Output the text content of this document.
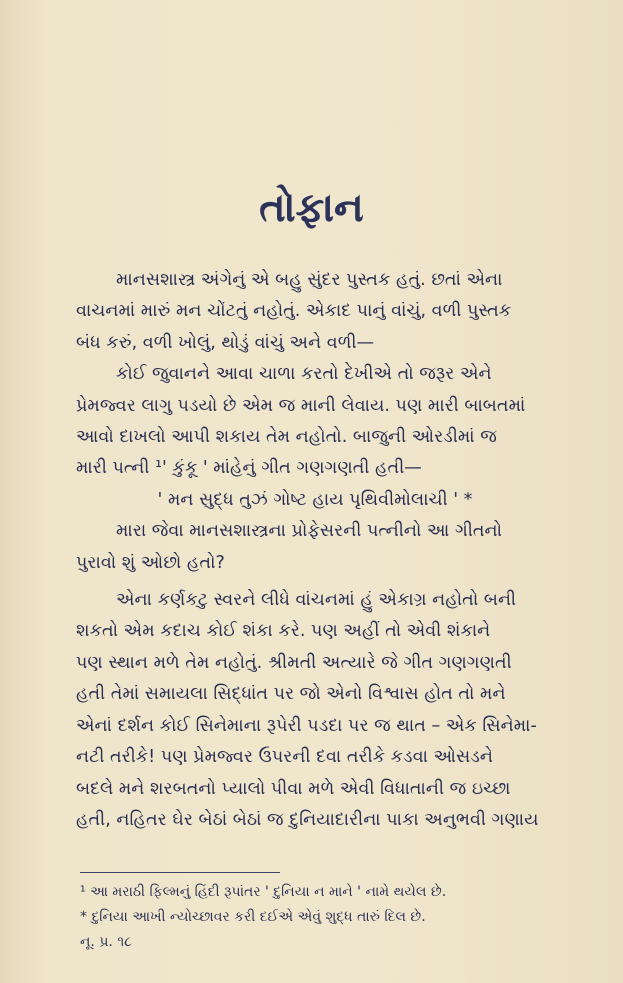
તોફાન
માનસશાસ્ત્ર અંગેનું એ બહુ સુંદર પુસ્તક હતું. છતાં એના
વાચનમાં મારું મન ચોંટતું નહોતું. એકાદ પાનું વાંચું, વળી પુસ્તક
બંધ કરું, વળી ખોલું, થોડું વાંચું અને વળી—
કોઈ જુવાનને આવા ચાળા કરતો દેખીએ તો જરૂર એને
પ્રેમજ્વર લાગુ પડયો છે એમ જ માની લેવાય. પણ મારી બાબતમાં
આવો દાખલો આપી શકાય તેમ નહોતો. બાજુની ઓરડીમાં જ
મારી પત્ની ¹' કુંકૂ ' માંહેનું ગીત ગણગણતી હતી—
' મન સુદ્ધ તુઝં ગોષ્ટ હાય પૃથિવીમોલાચી ' *
મારા જેવા માનસશાસ્ત્રના પ્રોફેસરની પત્નીનો આ ગીતનો
પુરાવો શું ઓછો હતો?
એના કર્ણકટુ સ્વરને લીધે વાંચનમાં હું એકાગ્ર નહોતો બની
શકતો એમ કદાચ કોઈ શંકા કરે. પણ અહીં તો એવી શંકાને
પણ સ્થાન મળે તેમ નહોતું. શ્રીમતી અત્યારે જે ગીત ગણગણતી
હતી તેમાં સમાયલા સિદ્ધાંત પર જો એનો વિશ્વાસ હોત તો મને
એનાં દર્શન કોઈ સિનેમાના રૂપેરી પડદા પર જ થાત – એક સિનેમા-
નટી તરીકે! પણ પ્રેમજ્વર ઉપરની દવા તરીકે કડવા ઓસડને
બદલે મને શરબતનો પ્યાલો પીવા મળે એવી વિધાતાની જ ઇચ્છા
હતી, નહિતર ઘેર બેઠાં બેઠાં જ દુનિયાદારીના પાકા અનુભવી ગણાય
¹ આ મરાઠી ફિલ્મનું હિંદી રૂપાંતર ' દુનિયા ન માને ' નામે થયેલ છે.
* દુનિયા આખી ન્યોચ્છાવર કરી દઈએ એવું શુદ્ધ તારું દિલ છે.
નૂ. પ્ર. ૧૮
